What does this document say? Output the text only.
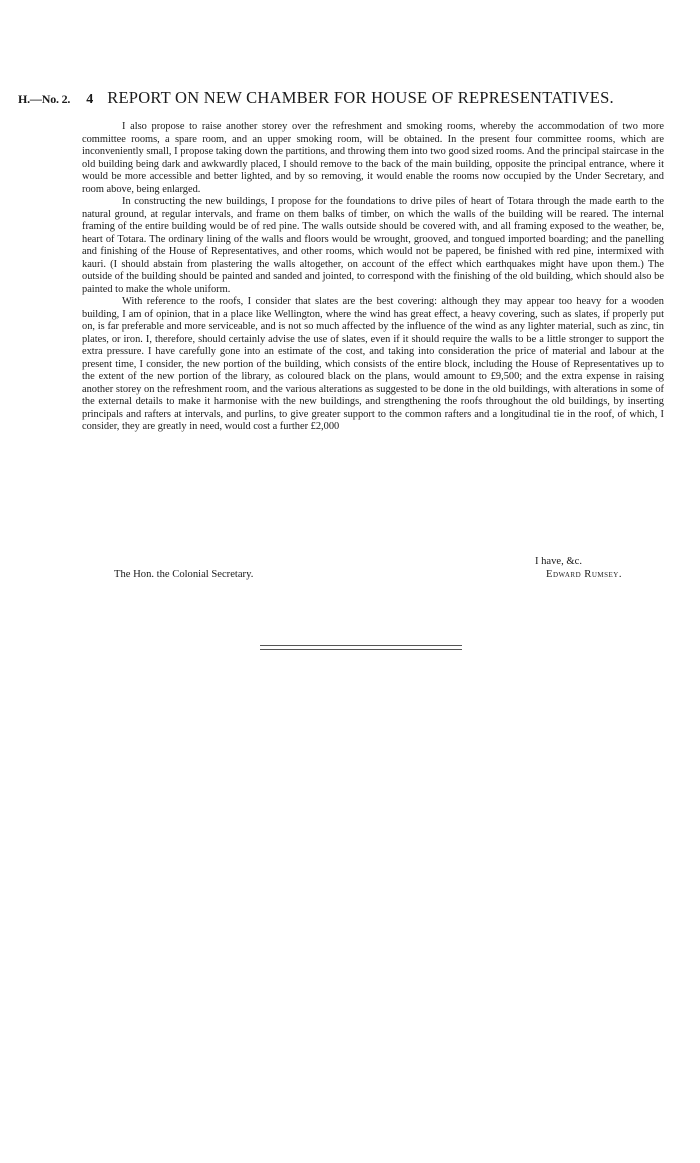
H.—No. 2. 4 REPORT ON NEW CHAMBER FOR HOUSE OF REPRESENTATIVES.

I also propose to raise another storey over the refreshment and smoking rooms, whereby the accommodation of two more committee rooms, a spare room, and an upper smoking room, will be obtained. In the present four committee rooms, which are inconveniently small, I propose taking down the partitions, and throwing them into two good sized rooms. And the principal staircase in the old building being dark and awkwardly placed, I should remove to the back of the main building, opposite the principal entrance, where it would be more accessible and better lighted, and by so removing, it would enable the rooms now occupied by the Under Secretary, and room above, being enlarged.

In constructing the new buildings, I propose for the foundations to drive piles of heart of Totara through the made earth to the natural ground, at regular intervals, and frame on them balks of timber, on which the walls of the building will be reared. The internal framing of the entire building would be of red pine. The walls outside should be covered with, and all framing exposed to the weather, be, heart of Totara. The ordinary lining of the walls and floors would be wrought, grooved, and tongued imported boarding; and the panelling and finishing of the House of Representatives, and other rooms, which would not be papered, be finished with red pine, intermixed with kauri. (I should abstain from plastering the walls altogether, on account of the effect which earthquakes might have upon them.) The outside of the building should be painted and sanded and jointed, to correspond with the finishing of the old building, which should also be painted to make the whole uniform.

With reference to the roofs, I consider that slates are the best covering: although they may appear too heavy for a wooden building, I am of opinion, that in a place like Wellington, where the wind has great effect, a heavy covering, such as slates, if properly put on, is far preferable and more serviceable, and is not so much affected by the influence of the wind as any lighter material, such as zinc, tin plates, or iron. I, therefore, should certainly advise the use of slates, even if it should require the walls to be a little stronger to support the extra pressure. I have carefully gone into an estimate of the cost, and taking into consideration the price of material and labour at the present time, I consider, the new portion of the building, which consists of the entire block, including the House of Representatives up to the extent of the new portion of the library, as coloured black on the plans, would amount to £9,500; and the extra expense in raising another storey on the refreshment room, and the various alterations as suggested to be done in the old buildings, with alterations in some of the external details to make it harmonise with the new buildings, and strengthening the roofs throughout the old buildings, by inserting principals and rafters at intervals, and purlins, to give greater support to the common rafters and a longitudinal tie in the roof, of which, I consider, they are greatly in need, would cost a further £2,000

I have, &c.
The Hon. the Colonial Secretary.	Edward Rumsey.
